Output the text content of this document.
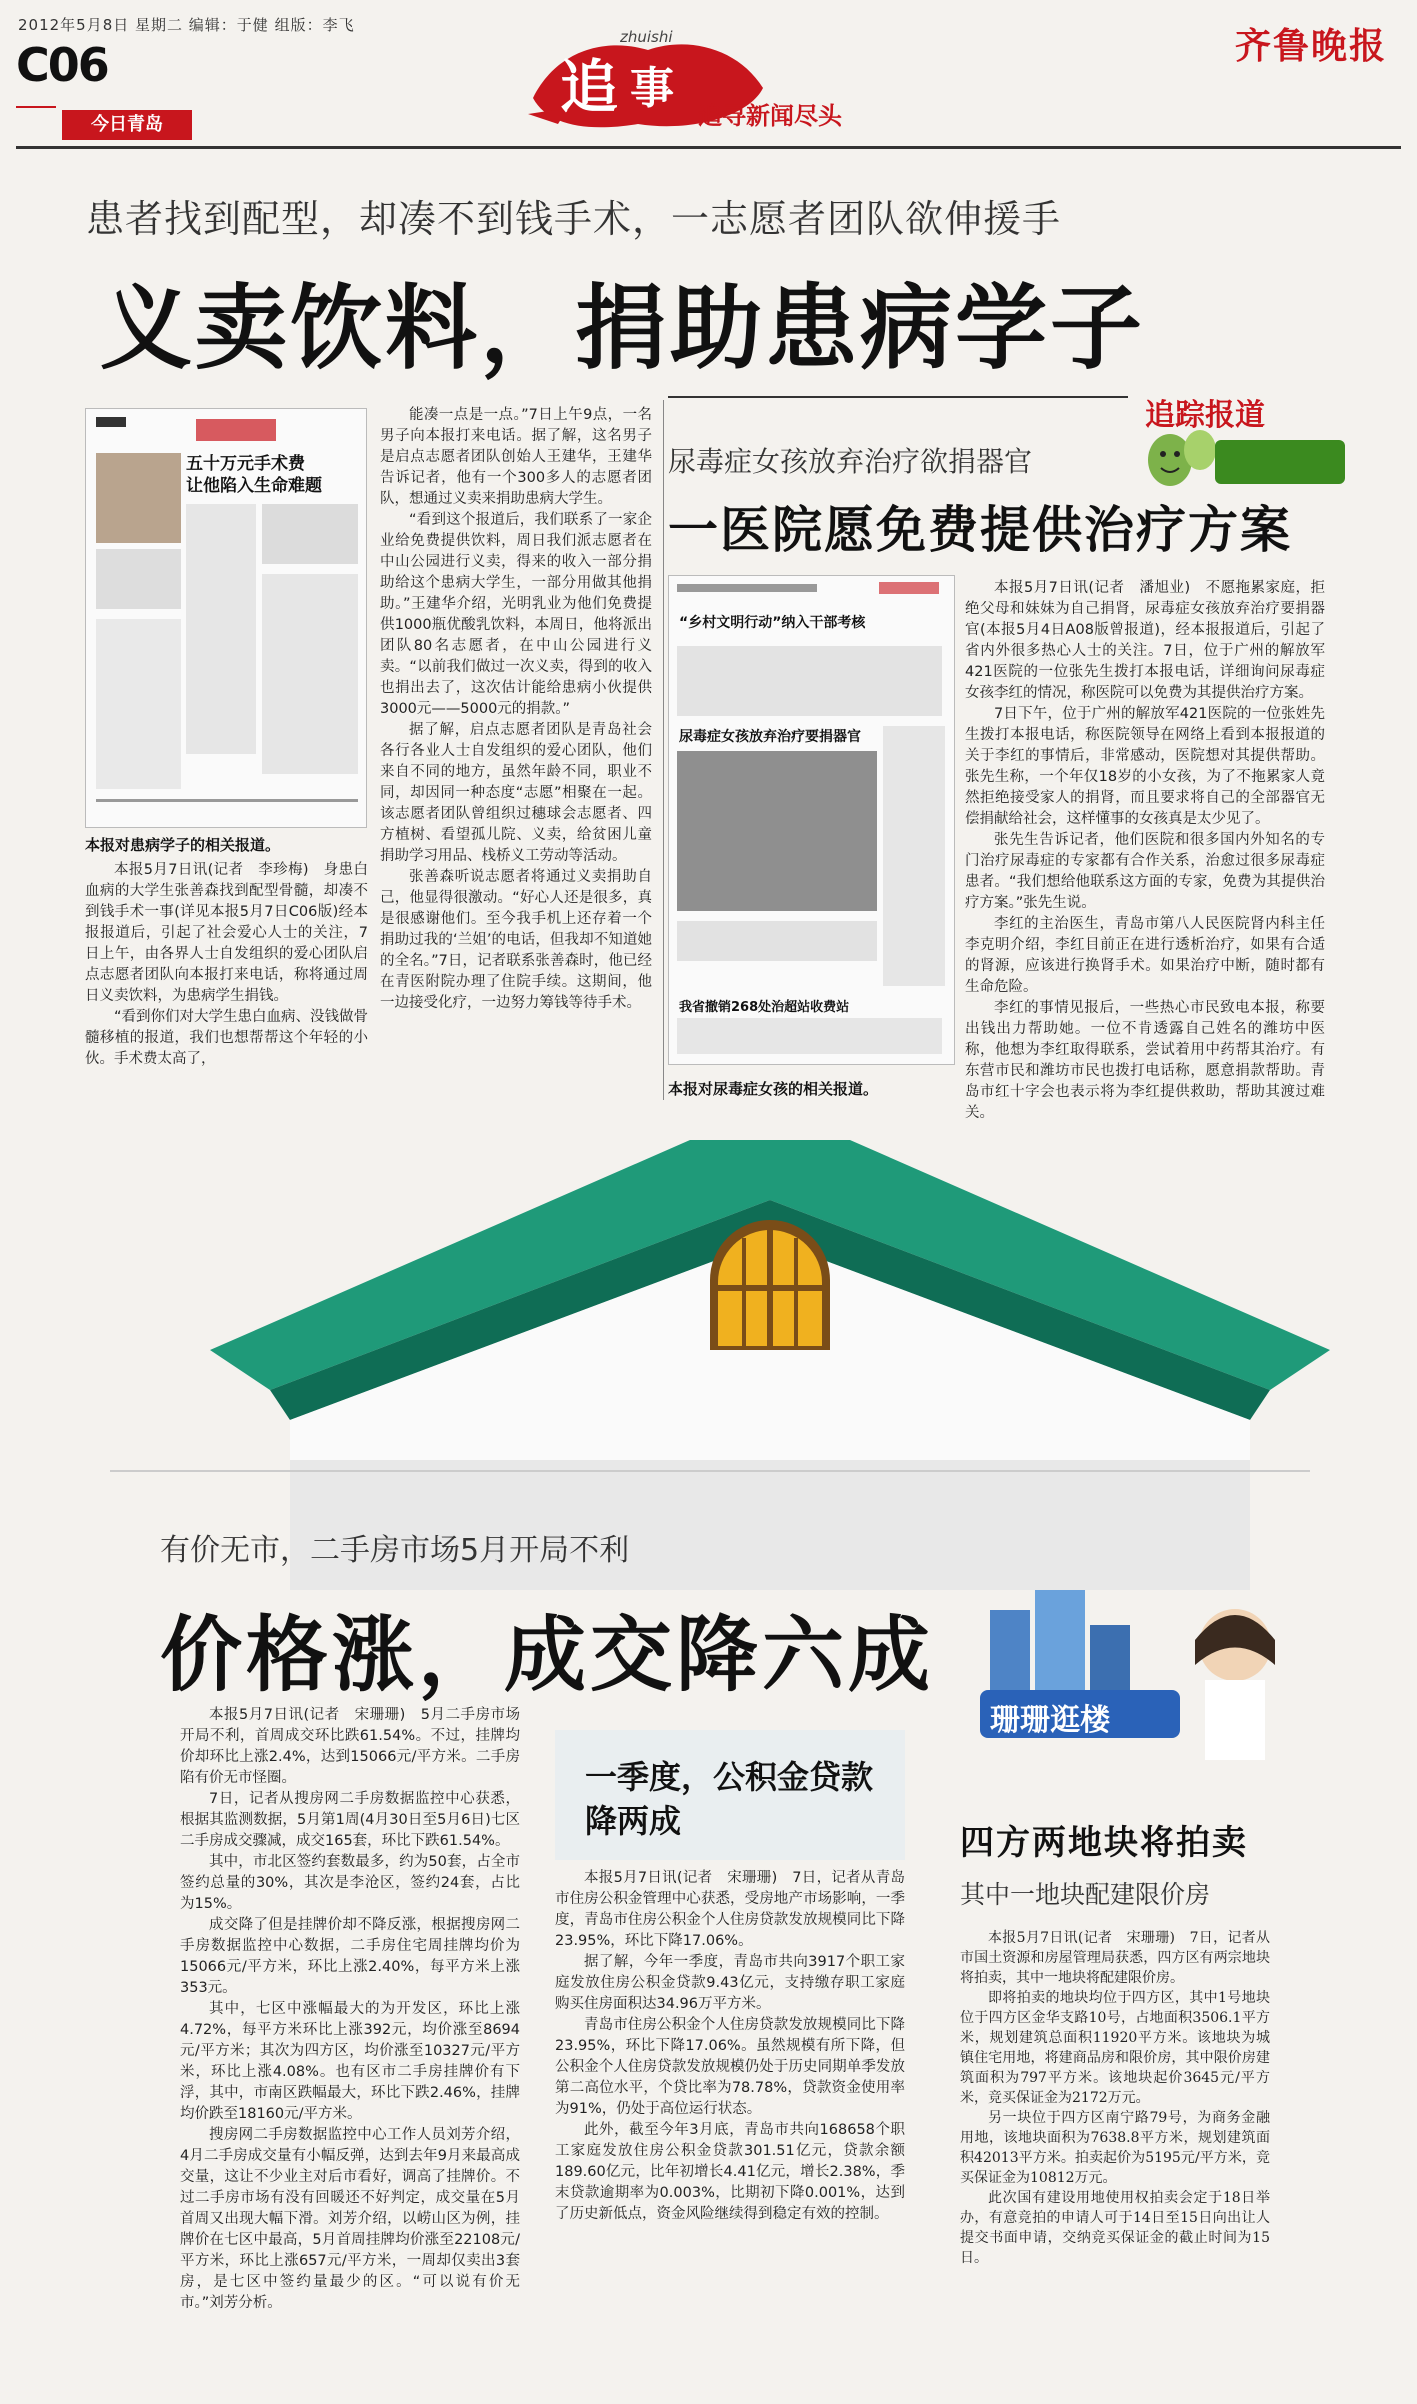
2012年5月8日 星期二 编辑：于健 组版：李飞
C06
今日青岛
齐鲁晚报
追 事
zhuishi
追寻新闻尽头
患者找到配型，却凑不到钱手术，一志愿者团队欲伸援手
义卖饮料，捐助患病学子
五十万元手术费
让他陷入生命难题
本报对患病学子的相关报道。

本报5月7日讯(记者　李珍梅)　身患白血病的大学生张善森找到配型骨髓，却凑不到钱手术一事(详见本报5月7日C06版)经本报报道后，引起了社会爱心人士的关注，7日上午，由各界人士自发组织的爱心团队启点志愿者团队向本报打来电话，称将通过周日义卖饮料，为患病学生捐钱。

“看到你们对大学生患白血病、没钱做骨髓移植的报道，我们也想帮帮这个年轻的小伙。手术费太高了，

能凑一点是一点。”7日上午9点，一名男子向本报打来电话。据了解，这名男子是启点志愿者团队创始人王建华，王建华告诉记者，他有一个300多人的志愿者团队，想通过义卖来捐助患病大学生。

“看到这个报道后，我们联系了一家企业给免费提供饮料，周日我们派志愿者在中山公园进行义卖，得来的收入一部分捐助给这个患病大学生，一部分用做其他捐助。”王建华介绍，光明乳业为他们免费提供1000瓶优酸乳饮料，本周日，他将派出团队80名志愿者，在中山公园进行义卖。“以前我们做过一次义卖，得到的收入也捐出去了，这次估计能给患病小伙提供3000元——5000元的捐款。”

据了解，启点志愿者团队是青岛社会各行各业人士自发组织的爱心团队，他们来自不同的地方，虽然年龄不同，职业不同，却因同一种态度“志愿”相聚在一起。该志愿者团队曾组织过穗球会志愿者、四方植树、看望孤儿院、义卖，给贫困儿童捐助学习用品、栈桥义工劳动等活动。

张善森听说志愿者将通过义卖捐助自己，他显得很激动。“好心人还是很多，真是很感谢他们。至今我手机上还存着一个捐助过我的‘兰姐’的电话，但我却不知道她的全名。”7日，记者联系张善森时，他已经在青医附院办理了住院手续。这期间，他一边接受化疗，一边努力筹钱等待手术。

追踪报道
尿毒症女孩放弃治疗欲捐器官
一医院愿免费提供治疗方案
“乡村文明行动”纳入干部考核
尿毒症女孩放弃治疗要捐器官
我省撤销268处治超站收费站
本报对尿毒症女孩的相关报道。

本报5月7日讯(记者　潘旭业)　不愿拖累家庭，拒绝父母和妹妹为自己捐肾，尿毒症女孩放弃治疗要捐器官(本报5月4日A08版曾报道)，经本报报道后，引起了省内外很多热心人士的关注。7日，位于广州的解放军421医院的一位张先生拨打本报电话，详细询问尿毒症女孩李红的情况，称医院可以免费为其提供治疗方案。

7日下午，位于广州的解放军421医院的一位张姓先生拨打本报电话，称医院领导在网络上看到本报报道的关于李红的事情后，非常感动，医院想对其提供帮助。张先生称，一个年仅18岁的小女孩，为了不拖累家人竟然拒绝接受家人的捐肾，而且要求将自己的全部器官无偿捐献给社会，这样懂事的女孩真是太少见了。

张先生告诉记者，他们医院和很多国内外知名的专门治疗尿毒症的专家都有合作关系，治愈过很多尿毒症患者。“我们想给他联系这方面的专家，免费为其提供治疗方案。”张先生说。

李红的主治医生，青岛市第八人民医院肾内科主任李克明介绍，李红目前正在进行透析治疗，如果有合适的肾源，应该进行换肾手术。如果治疗中断，随时都有生命危险。

李红的事情见报后，一些热心市民致电本报，称要出钱出力帮助她。一位不肯透露自己姓名的潍坊中医称，他想为李红取得联系，尝试着用中药帮其治疗。有东营市民和潍坊市民也拨打电话称，愿意捐款帮助。青岛市红十字会也表示将为李红提供救助，帮助其渡过难关。

有价无市，二手房市场5月开局不利
价格涨，成交降六成
珊珊逛楼

本报5月7日讯(记者　宋珊珊)　5月二手房市场开局不利，首周成交环比跌61.54%。不过，挂牌均价却环比上涨2.4%，达到15066元/平方米。二手房陷有价无市怪圈。

7日，记者从搜房网二手房数据监控中心获悉，根据其监测数据，5月第1周(4月30日至5月6日)七区二手房成交骤减，成交165套，环比下跌61.54%。

其中，市北区签约套数最多，约为50套，占全市签约总量的30%，其次是李沧区，签约24套，占比为15%。

成交降了但是挂牌价却不降反涨，根据搜房网二手房数据监控中心数据，二手房住宅周挂牌均价为15066元/平方米，环比上涨2.40%，每平方米上涨353元。

其中，七区中涨幅最大的为开发区，环比上涨4.72%，每平方米环比上涨392元，均价涨至8694元/平方米；其次为四方区，均价涨至10327元/平方米，环比上涨4.08%。也有区市二手房挂牌价有下浮，其中，市南区跌幅最大，环比下跌2.46%，挂牌均价跌至18160元/平方米。

搜房网二手房数据监控中心工作人员刘芳介绍，4月二手房成交量有小幅反弹，达到去年9月来最高成交量，这让不少业主对后市看好，调高了挂牌价。不过二手房市场有没有回暖还不好判定，成交量在5月首周又出现大幅下滑。刘芳介绍，以崂山区为例，挂牌价在七区中最高，5月首周挂牌均价涨至22108元/平方米，环比上涨657元/平方米，一周却仅卖出3套房，是七区中签约量最少的区。“可以说有价无市。”刘芳分析。

一季度，公积金贷款降两成

本报5月7日讯(记者　宋珊珊)　7日，记者从青岛市住房公积金管理中心获悉，受房地产市场影响，一季度，青岛市住房公积金个人住房贷款发放规模同比下降23.95%，环比下降17.06%。

据了解，今年一季度，青岛市共向3917个职工家庭发放住房公积金贷款9.43亿元，支持缴存职工家庭购买住房面积达34.96万平方米。

青岛市住房公积金个人住房贷款发放规模同比下降23.95%，环比下降17.06%。虽然规模有所下降，但公积金个人住房贷款发放规模仍处于历史同期单季发放第二高位水平，个贷比率为78.78%，贷款资金使用率为91%，仍处于高位运行状态。

此外，截至今年3月底，青岛市共向168658个职工家庭发放住房公积金贷款301.51亿元，贷款余额189.60亿元，比年初增长4.41亿元，增长2.38%，季末贷款逾期率为0.003%，比期初下降0.001%，达到了历史新低点，资金风险继续得到稳定有效的控制。

四方两地块将拍卖
其中一地块配建限价房

本报5月7日讯(记者　宋珊珊)　7日，记者从市国土资源和房屋管理局获悉，四方区有两宗地块将拍卖，其中一地块将配建限价房。

即将拍卖的地块均位于四方区，其中1号地块位于四方区金华支路10号，占地面积3506.1平方米，规划建筑总面积11920平方米。该地块为城镇住宅用地，将建商品房和限价房，其中限价房建筑面积为797平方米。该地块起价3645元/平方米，竞买保证金为2172万元。

另一块位于四方区南宁路79号，为商务金融用地，该地块面积为7638.8平方米，规划建筑面积42013平方米。拍卖起价为5195元/平方米，竞买保证金为10812万元。

此次国有建设用地使用权拍卖会定于18日举办，有意竞拍的申请人可于14日至15日向出让人提交书面申请，交纳竞买保证金的截止时间为15日。
